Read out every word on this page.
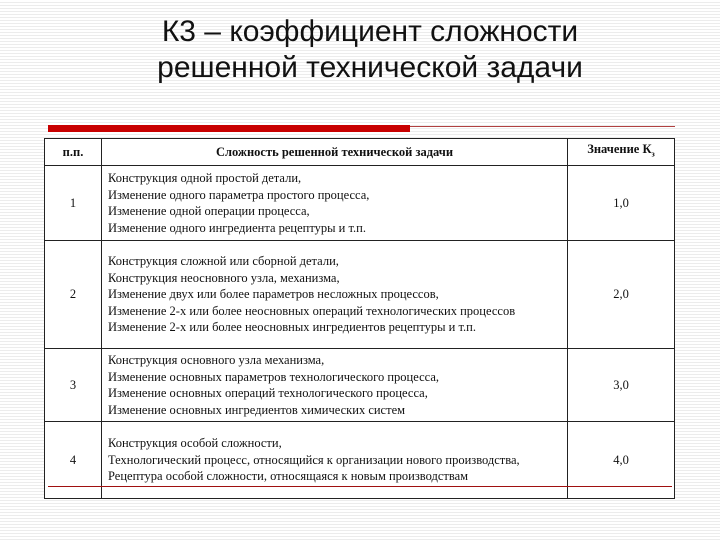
К3 – коэффициент сложности
решенной технической задачи
п.п.	Сложность решенной технической задачи	Значение $К_з$
1	Конструкция одной простой детали,
Изменение одного параметра простого процесса,
Изменение одной операции процесса,
Изменение одного ингредиента рецептуры и т.п.	1,0
2	Конструкция сложной или сборной детали,
Конструкция неосновного узла, механизма,
Изменение двух или более параметров несложных процессов,
Изменение 2-х или более неосновных операций технологических процессов
Изменение 2-х или более неосновных ингредиентов рецептуры и т.п.	2,0
3	Конструкция основного узла механизма,
Изменение основных параметров технологического процесса,
Изменение основных операций технологического процесса,
Изменение основных ингредиентов химических систем	3,0
4	Конструкция особой сложности,
Технологический процесс, относящийся к организации нового производства,
Рецептура особой сложности, относящаяся к новым производствам	4,0
